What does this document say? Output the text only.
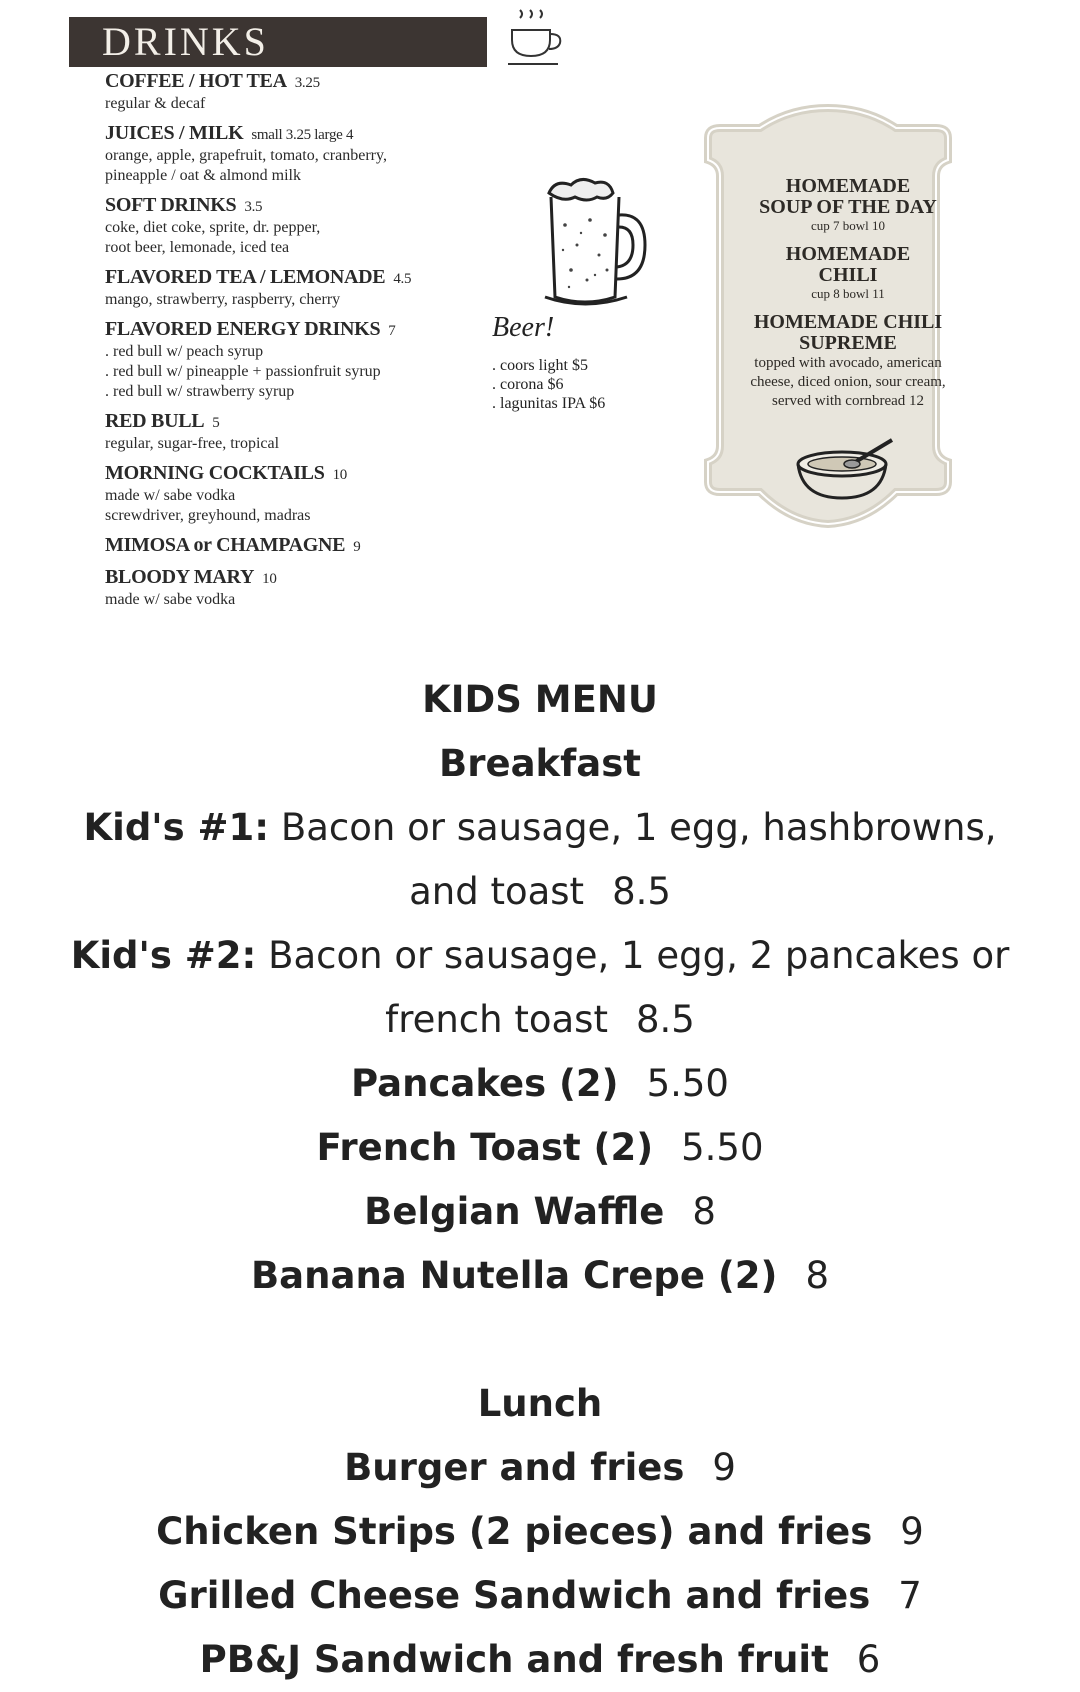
DRINKS
COFFEE / HOT TEA 3.25

regular & decaf

JUICES / MILK small 3.25 large 4

orange, apple, grapefruit, tomato, cranberry,

pineapple / oat & almond milk

SOFT DRINKS 3.5

coke, diet coke, sprite, dr. pepper,

root beer, lemonade, iced tea

FLAVORED TEA / LEMONADE 4.5

mango, strawberry, raspberry, cherry

FLAVORED ENERGY DRINKS 7

. red bull w/ peach syrup

. red bull w/ pineapple + passionfruit syrup

. red bull w/ strawberry syrup

RED BULL 5

regular, sugar-free, tropical

MORNING COCKTAILS 10

made w/ sabe vodka

screwdriver, greyhound, madras

MIMOSA or CHAMPAGNE 9
BLOODY MARY 10

made w/ sabe vodka

Beer!
. coors light $5
. corona $6
. lagunitas IPA $6
HOMEMADE
SOUP OF THE DAY
cup 7 bowl 10
HOMEMADE
CHILI
cup 8 bowl 11
HOMEMADE CHILI
SUPREME
topped with avocado, american
cheese, diced onion, sour cream,
served with cornbread 12
KIDS MENU
Breakfast
Kid's #1: Bacon or sausage, 1 egg, hashbrowns,
and toast 8.5
Kid's #2: Bacon or sausage, 1 egg, 2 pancakes or
french toast 8.5
Pancakes (2) 5.50
French Toast (2) 5.50
Belgian Waffle 8
Banana Nutella Crepe (2) 8
Lunch
Burger and fries 9
Chicken Strips (2 pieces) and fries 9
Grilled Cheese Sandwich and fries 7
PB&J Sandwich and fresh fruit 6
